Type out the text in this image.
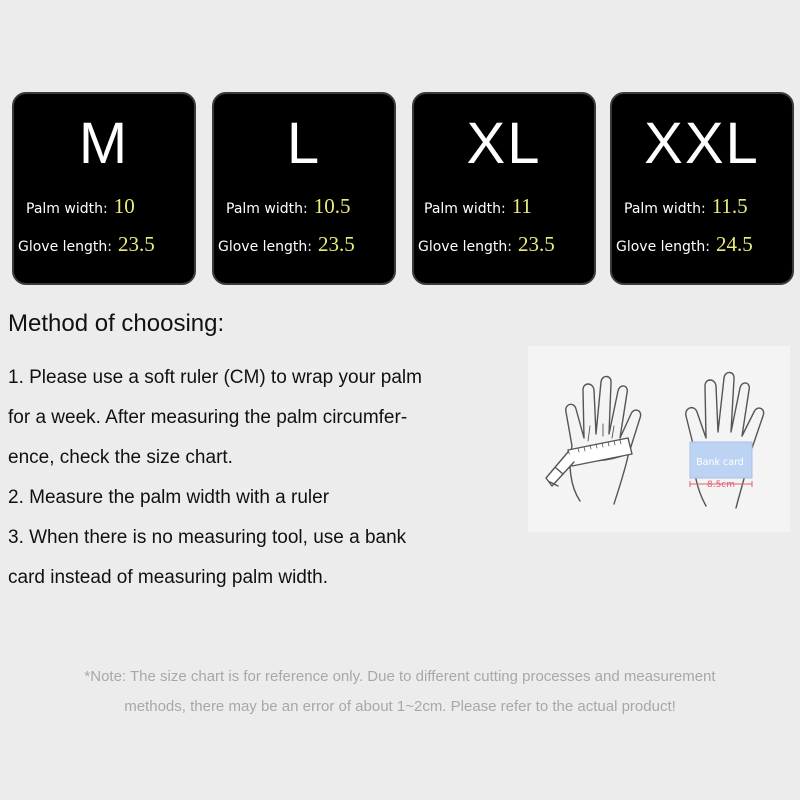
M
Palm width: 10
Glove length: 23.5
L
Palm width: 10.5
Glove length: 23.5
XL
Palm width: 11
Glove length: 23.5
XXL
Palm width: 11.5
Glove length: 24.5
Method of choosing:
1. Please use a soft ruler (CM) to wrap your palm
for a week. After measuring the palm circumfer-
ence, check the size chart.
2. Measure the palm width with a ruler
3. When there is no measuring tool, use a bank
card instead of measuring palm width.
Bank card
8.5cm
*Note: The size chart is for reference only. Due to different cutting processes and measurement
methods, there may be an error of about 1~2cm. Please refer to the actual product!
